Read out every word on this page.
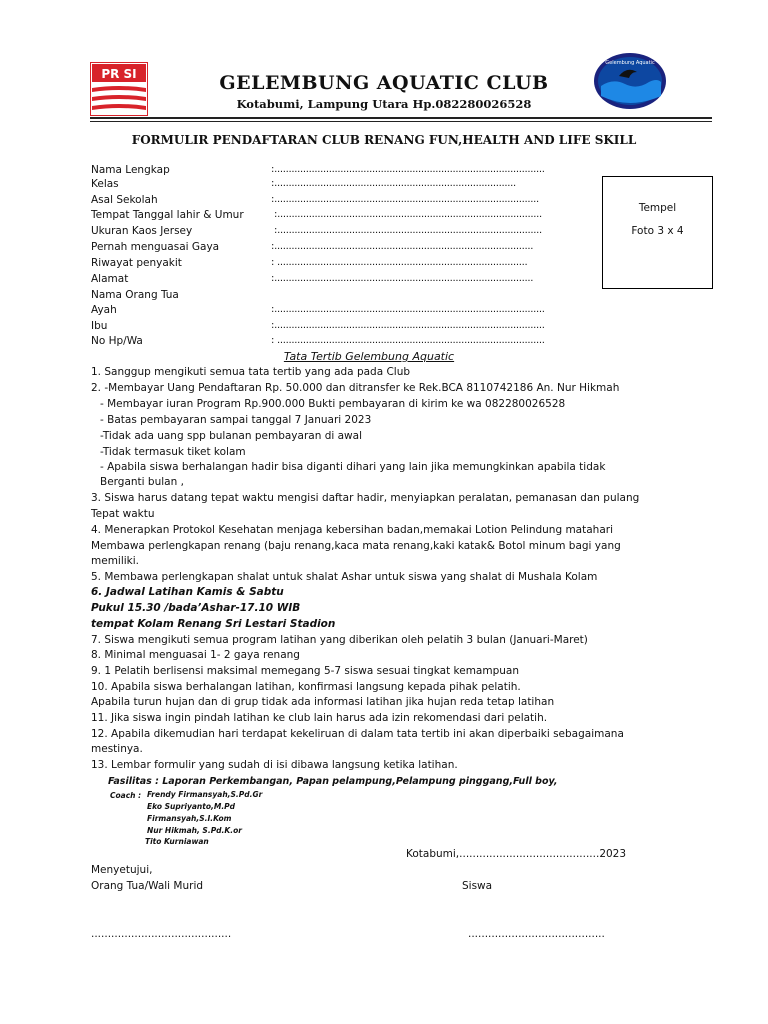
PR SI
Gelembung Aquatic
GELEMBUNG AQUATIC CLUB
Kotabumi, Lampung Utara Hp.082280026528
FORMULIR PENDAFTARAN CLUB RENANG FUN,HEALTH AND LIFE SKILL
Nama Lengkap	:..............................................................................................
Kelas	:....................................................................................
Asal Sekolah	:............................................................................................
Tempat Tanggal lahir & Umur	:............................................................................................
Ukuran Kaos Jersey	:............................................................................................
Pernah menguasai Gaya	:..........................................................................................
Riwayat penyakit	: .......................................................................................
Alamat	:..........................................................................................
Nama Orang Tua
Ayah	:..............................................................................................
Ibu	:..............................................................................................
No Hp/Wa	: .............................................................................................
Tempel
Foto 3 x 4
Tata Tertib Gelembung Aquatic
1. Sanggup mengikuti semua tata tertib yang ada pada Club
2. -Membayar Uang Pendaftaran Rp. 50.000 dan ditransfer ke Rek.BCA 8110742186 An. Nur Hikmah
- Membayar iuran Program Rp.900.000 Bukti pembayaran di kirim ke wa 082280026528
- Batas pembayaran sampai tanggal 7 Januari 2023
-Tidak ada uang spp bulanan pembayaran di awal
-Tidak termasuk tiket kolam
- Apabila siswa berhalangan hadir bisa diganti dihari yang lain jika memungkinkan apabila tidak
Berganti bulan ,
3. Siswa harus datang tepat waktu mengisi daftar hadir, menyiapkan peralatan, pemanasan dan pulang
Tepat waktu
4. Menerapkan Protokol Kesehatan menjaga kebersihan badan,memakai Lotion Pelindung matahari
Membawa perlengkapan renang (baju renang,kaca mata renang,kaki katak& Botol minum bagi yang
memiliki.
5. Membawa perlengkapan shalat untuk shalat Ashar untuk siswa yang shalat di Mushala Kolam
6. Jadwal Latihan Kamis & Sabtu
Pukul 15.30 /bada’Ashar-17.10 WIB
tempat Kolam Renang Sri Lestari Stadion
7. Siswa mengikuti semua program latihan yang diberikan oleh pelatih 3 bulan (Januari-Maret)
8. Minimal menguasai 1- 2 gaya renang
9. 1 Pelatih berlisensi maksimal memegang 5-7 siswa sesuai tingkat kemampuan
10. Apabila siswa berhalangan latihan, konfirmasi langsung kepada pihak pelatih.
Apabila turun hujan dan di grup tidak ada informasi latihan jika hujan reda tetap latihan
11. Jika siswa ingin pindah latihan ke club lain harus ada izin rekomendasi dari pelatih.
12. Apabila dikemudian hari terdapat kekeliruan di dalam tata tertib ini akan diperbaiki sebagaimana
mestinya.
13. Lembar formulir yang sudah di isi dibawa langsung ketika latihan.
Fasilitas : Laporan Perkembangan, Papan pelampung,Pelampung pinggang,Full boy,
Coach : Frendy Firmansyah,S.Pd.Gr
Eko Supriyanto,M.Pd
Firmansyah,S.I.Kom
Nur Hikmah, S.Pd.K.or
Tito Kurniawan
Kotabumi,..........................................2023
Menyetujui,
Orang Tua/Wali Murid	Siswa
..........................................	.........................................
